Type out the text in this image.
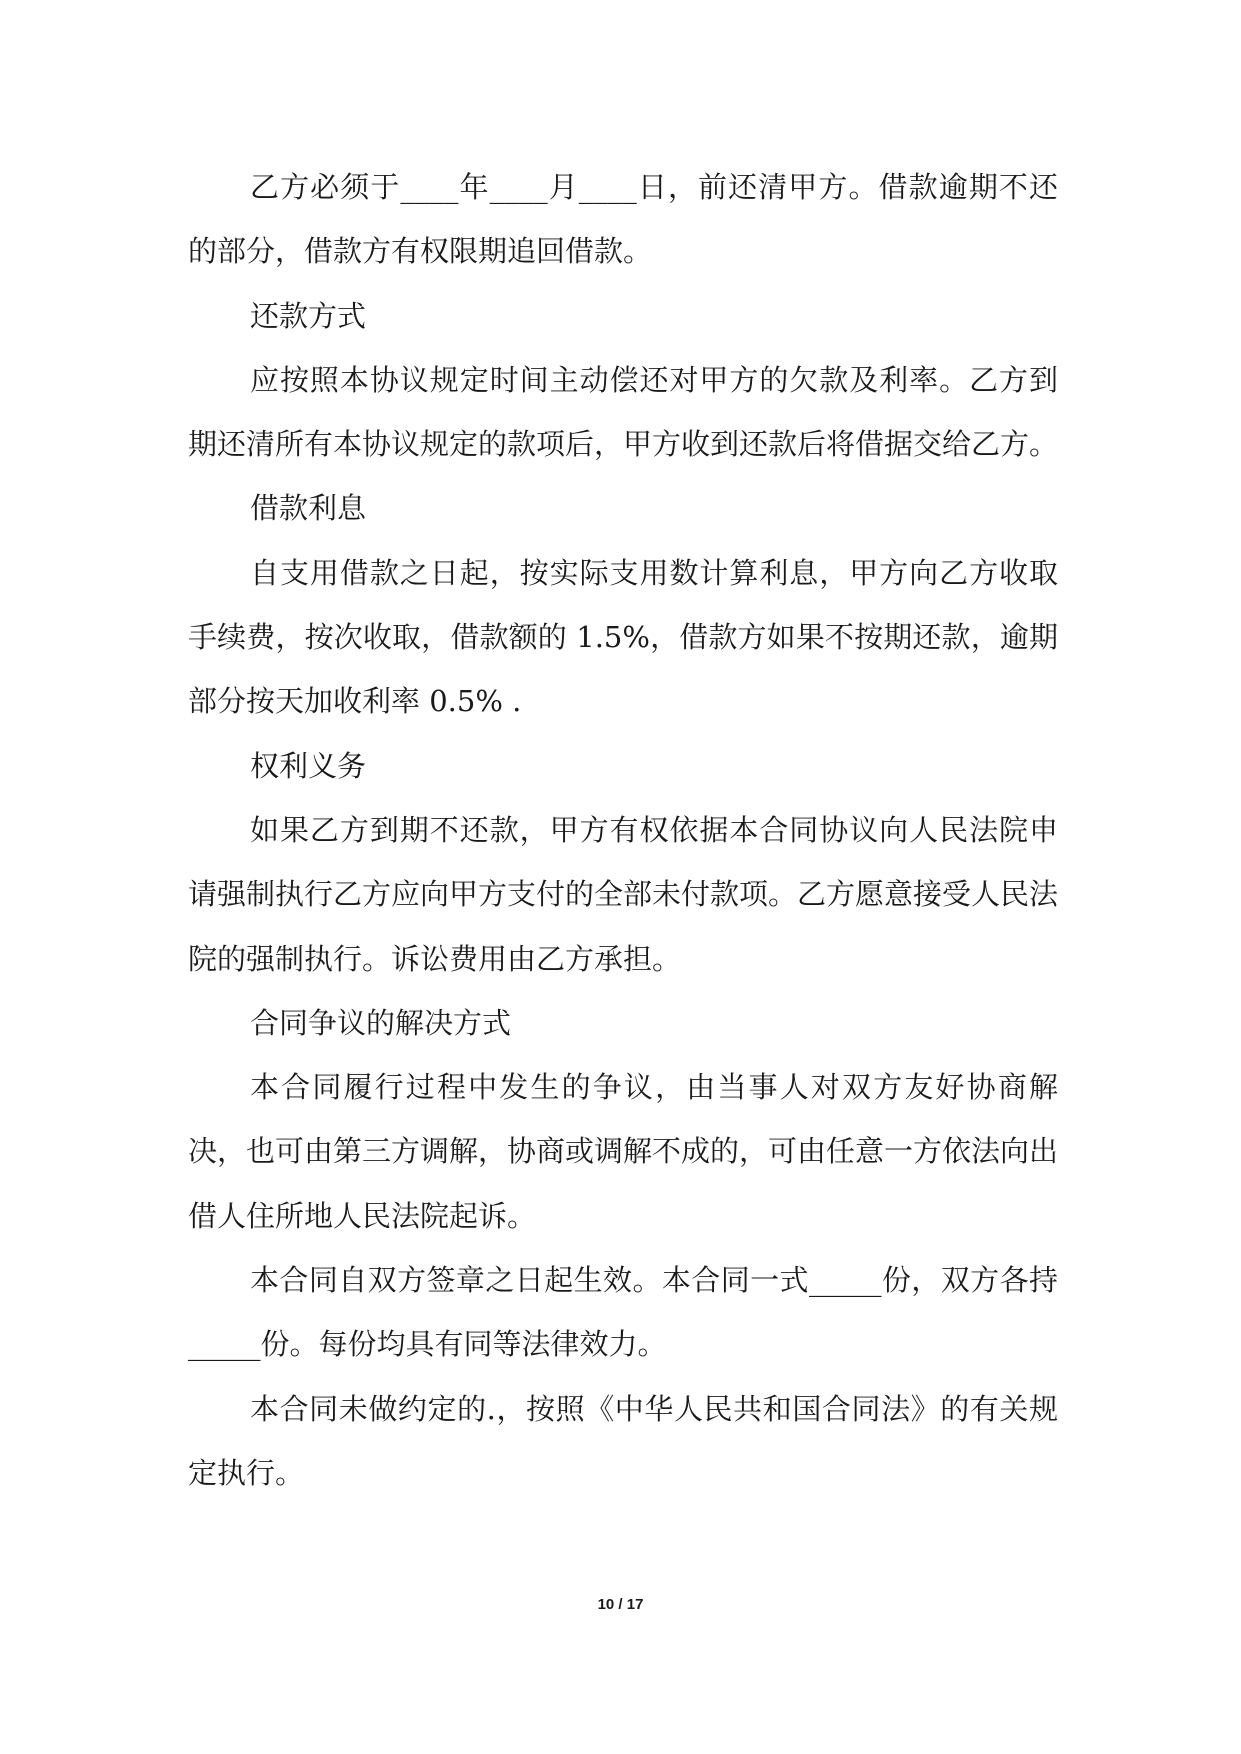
乙方必须于____年____月____日，前还清甲方。借款逾期不还的部分，借款方有权限期追回借款。

还款方式

应按照本协议规定时间主动偿还对甲方的欠款及利率。乙方到期还清所有本协议规定的款项后，甲方收到还款后将借据交给乙方。

借款利息

自支用借款之日起，按实际支用数计算利息，甲方向乙方收取手续费，按次收取，借款额的 1.5%，借款方如果不按期还款，逾期部分按天加收利率 0.5% .

权利义务

如果乙方到期不还款，甲方有权依据本合同协议向人民法院申请强制执行乙方应向甲方支付的全部未付款项。乙方愿意接受人民法院的强制执行。诉讼费用由乙方承担。

合同争议的解决方式

本合同履行过程中发生的争议，由当事人对双方友好协商解决，也可由第三方调解，协商或调解不成的，可由任意一方依法向出借人住所地人民法院起诉。

本合同自双方签章之日起生效。本合同一式_____份，双方各持_____份。每份均具有同等法律效力。

本合同未做约定的.，按照《中华人民共和国合同法》的有关规定执行。

10 / 17
